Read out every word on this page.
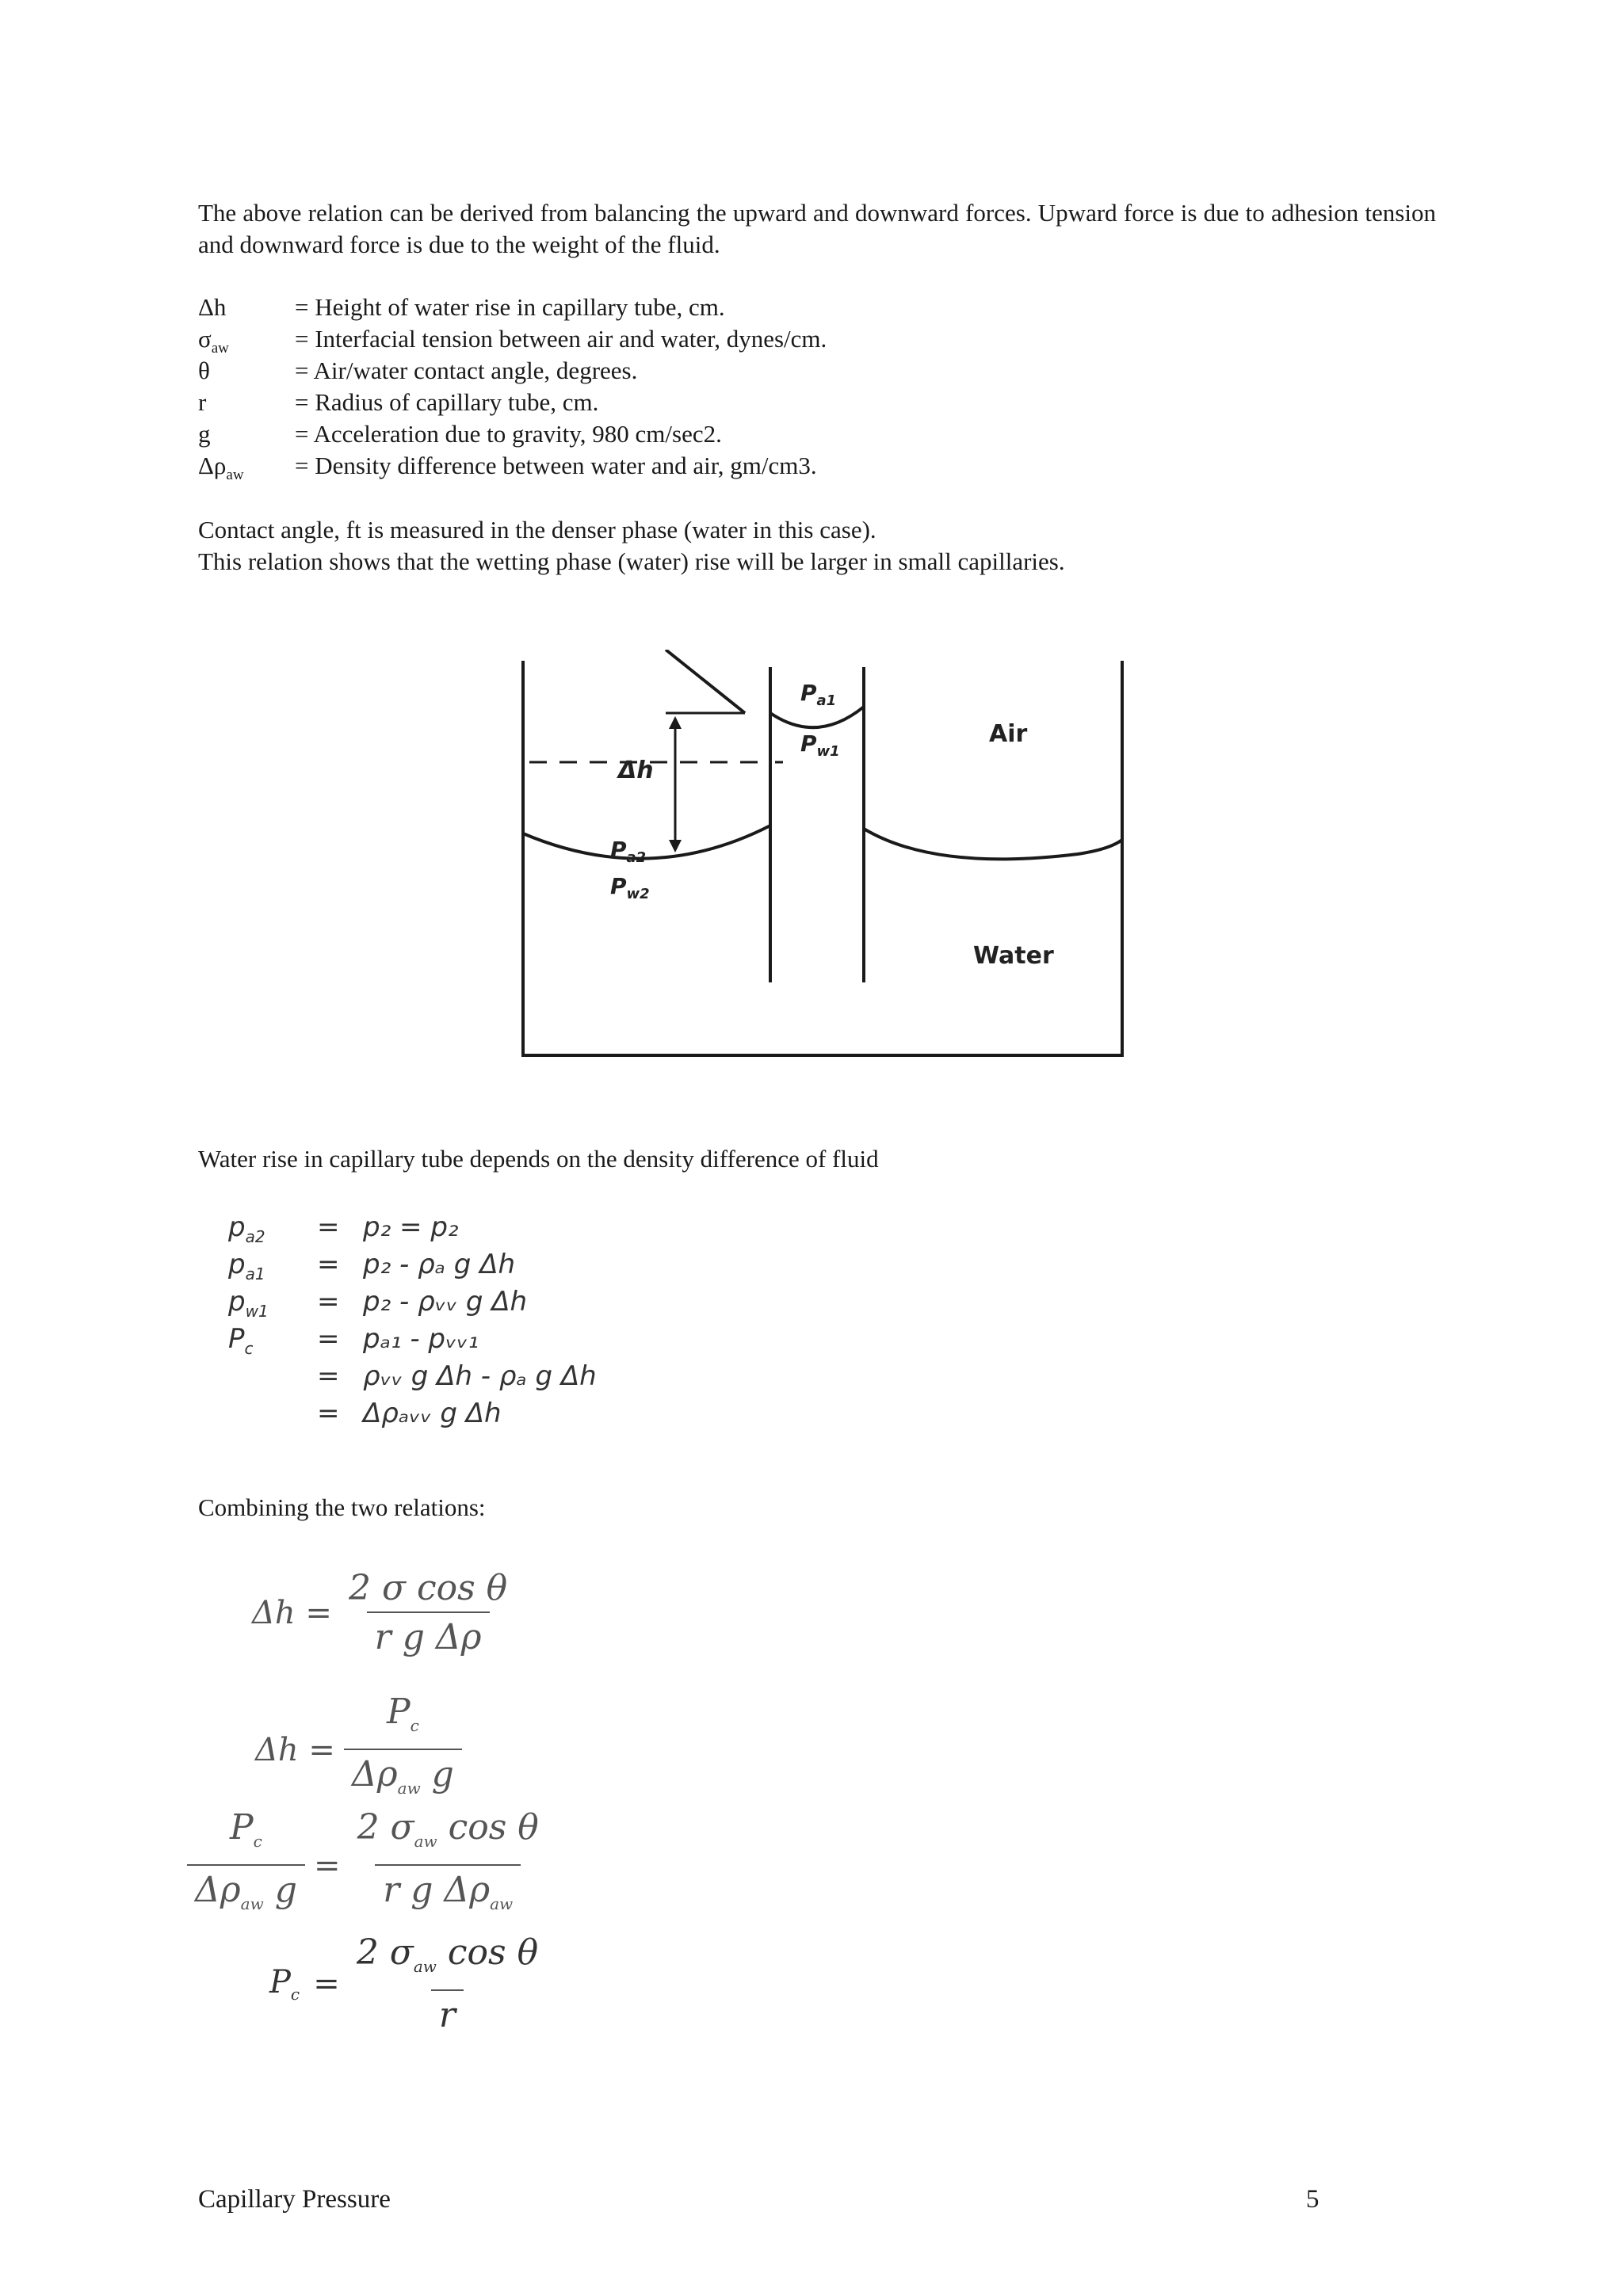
The above relation can be derived from balancing the upward and downward forces. Upward force is due to adhesion tension and downward force is due to the weight of the fluid.

Δh	= Height of water rise in capillary tube, cm.
$\sigma_{aw}$	= Interfacial tension between air and water, dynes/cm.
θ	= Air/water contact angle, degrees.
r	= Radius of capillary tube, cm.
g	= Acceleration due to gravity, 980 cm/sec2.
$\Delta\rho_{aw}$	= Density difference between water and air, gm/cm3.

Contact angle, ft is measured in the denser phase (water in this case).

This relation shows that the wetting phase (water) rise will be larger in small capillaries.

$P_{a1}$
$P_{w1}$
Air
Δh
$P_{a2}$
$P_{w2}$
Water

Water rise in capillary tube depends on the density difference of fluid

$p_{a2}$	= p₂ = p₂
$p_{a1}$	= p₂ - ρₐ g Δh
$p_{w1}$	= p₂ - ρᵥᵥ g Δh
$P_c$	= pₐ₁ - pᵥᵥ₁
= ρᵥᵥ g Δh - ρₐ g Δh
= Δρₐᵥᵥ g Δh

Combining the two relations:

$\Delta h = \frac{\text{2 σ cos θ}}{\text{r g Δρ}}$
$\Delta h = \frac{P_c}{\Delta\rho_{aw} g}$
$\frac{P_c}{\Delta\rho_{aw} g} = \frac{2 \sigma_{aw} \cos \theta}{r g \Delta\rho_{aw}}$
$P_c = \frac{2 \sigma_{aw} \cos \theta}{r}$
Capillary Pressure	5
